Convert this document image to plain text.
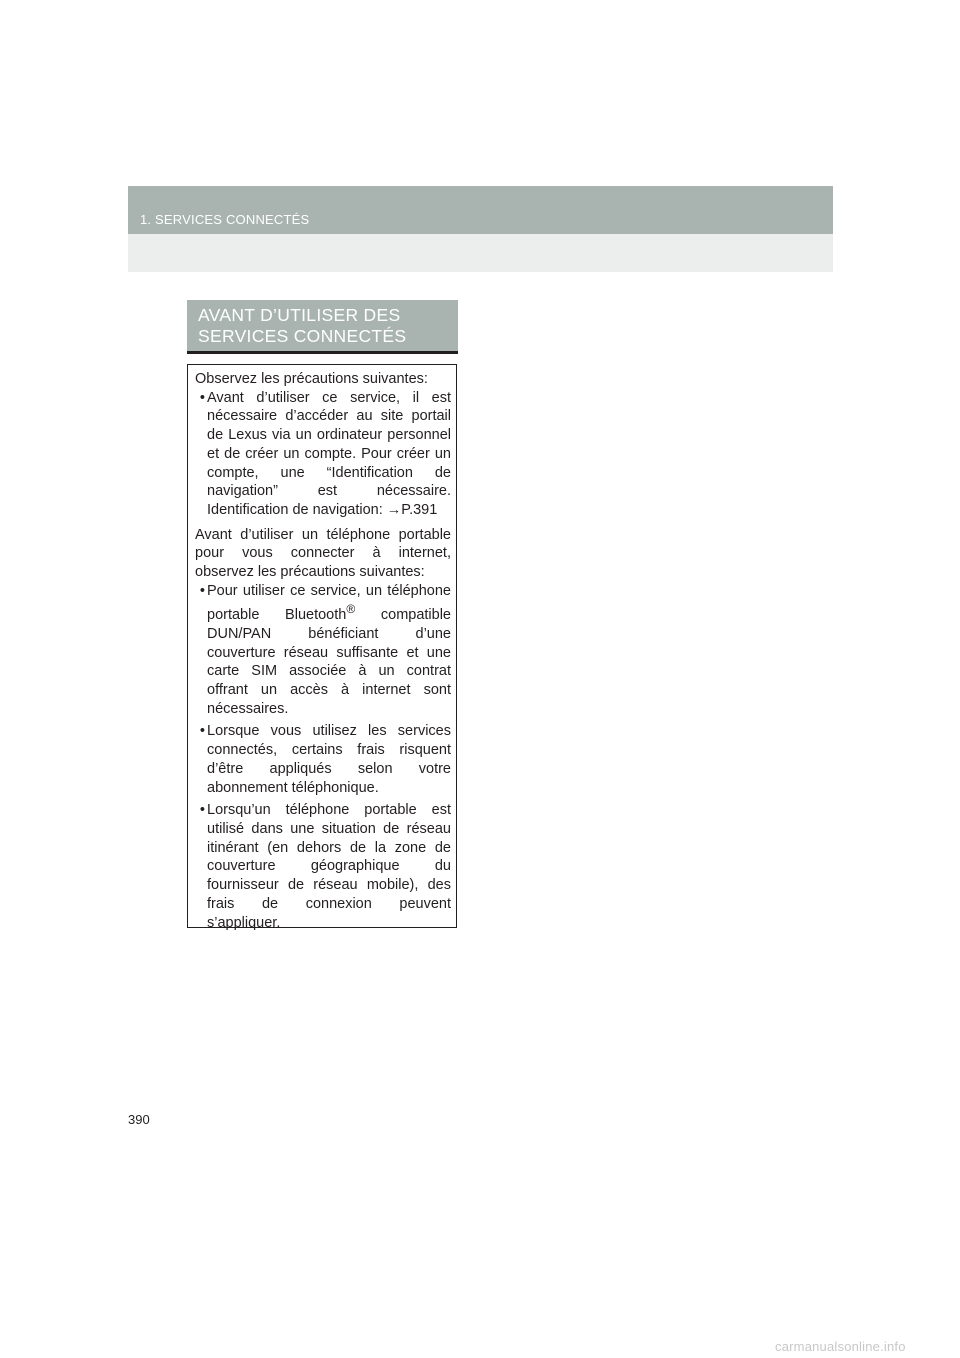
1. SERVICES CONNECTÉS
AVANT D’UTILISER DES
SERVICES CONNECTÉS

Observez les précautions suivantes:

• Avant d’utiliser ce service, il est nécessaire d’accéder au site portail de Lexus via un ordinateur personnel et de créer un compte. Pour créer un compte, une “Identification de navigation” est nécessaire. Identification de navigation: →P.391

Avant d’utiliser un téléphone portable pour vous connecter à internet, observez les précautions suivantes:

• Pour utiliser ce service, un téléphone portable Bluetooth® compatible DUN/PAN bénéficiant d’une couverture réseau suffisante et une carte SIM associée à un contrat offrant un accès à internet sont nécessaires.
• Lorsque vous utilisez les services connectés, certains frais risquent d’être appliqués selon votre abonnement téléphonique.
• Lorsqu’un téléphone portable est utilisé dans une situation de réseau itinérant (en dehors de la zone de couverture géographique du fournisseur de réseau mobile), des frais de connexion peuvent s’appliquer.
390
carmanualsonline.info
